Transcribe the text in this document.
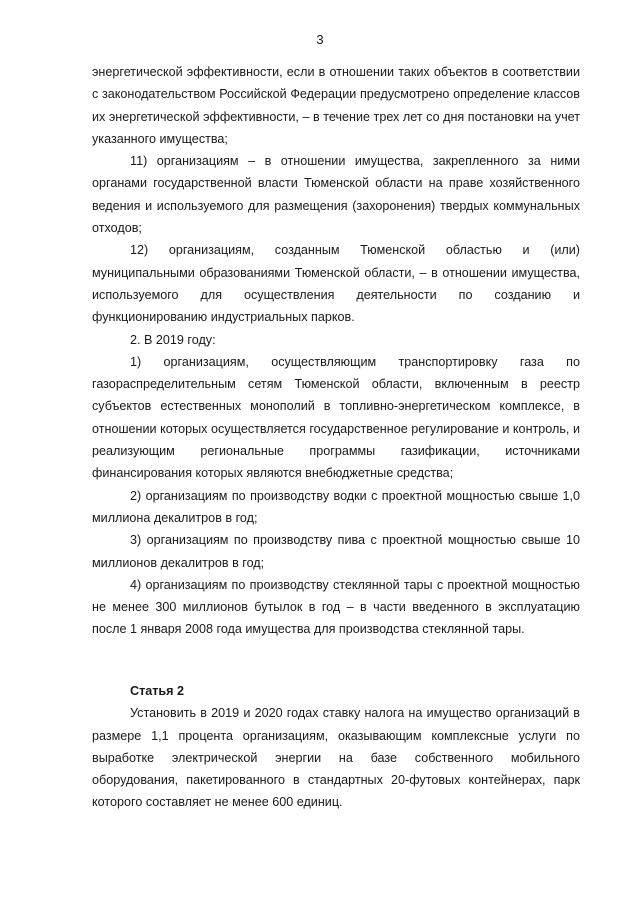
3

энергетической эффективности, если в отношении таких объектов в соответствии с законодательством Российской Федерации предусмотрено определение классов их энергетической эффективности, – в течение трех лет со дня постановки на учет указанного имущества;

11) организациям – в отношении имущества, закрепленного за ними органами государственной власти Тюменской области на праве хозяйственного ведения и используемого для размещения (захоронения) твердых коммунальных отходов;

12) организациям, созданным Тюменской областью и (или) муниципальными образованиями Тюменской области, – в отношении имущества, используемого для осуществления деятельности по созданию и функционированию индустриальных парков.

2. В 2019 году:

1) организациям, осуществляющим транспортировку газа по газораспределительным сетям Тюменской области, включенным в реестр субъектов естественных монополий в топливно-энергетическом комплексе, в отношении которых осуществляется государственное регулирование и контроль, и реализующим региональные программы газификации, источниками финансирования которых являются внебюджетные средства;

2) организациям по производству водки с проектной мощностью свыше 1,0 миллиона декалитров в год;

3) организациям по производству пива с проектной мощностью свыше 10 миллионов декалитров в год;

4) организациям по производству стеклянной тары с проектной мощностью не менее 300 миллионов бутылок в год – в части введенного в эксплуатацию после 1 января 2008 года имущества для производства стеклянной тары.

Статья 2

Установить в 2019 и 2020 годах ставку налога на имущество организаций в размере 1,1 процента организациям, оказывающим комплексные услуги по выработке электрической энергии на базе собственного мобильного оборудования, пакетированного в стандартных 20-футовых контейнерах, парк которого составляет не менее 600 единиц.
